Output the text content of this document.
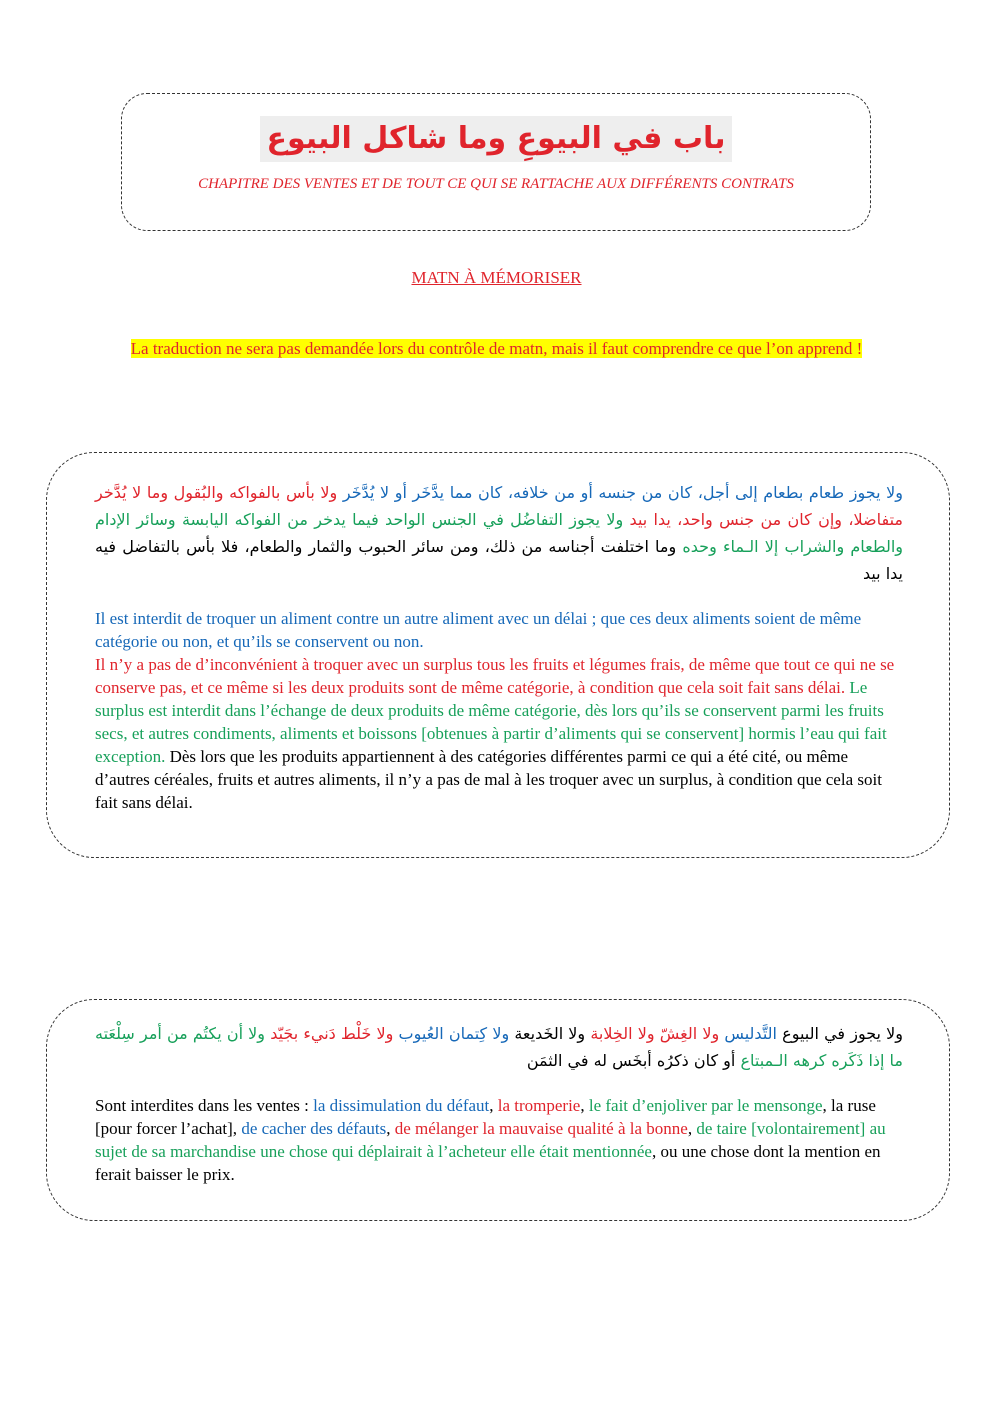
باب في البيوعِ وما شاكل البيوع
CHAPITRE DES VENTES ET DE TOUT CE QUI SE RATTACHE AUX DIFFÉRENTS CONTRATS
MATN À MÉMORISER
La traduction ne sera pas demandée lors du contrôle de matn, mais il faut comprendre ce que l’on apprend !

ولا يجوز طعام بطعام إلى أجل، كان من جنسه أو من خلافه، كان مما يدَّخَر أو لا يُدَّخَر ولا بأس بالفواكه والبُقول وما لا يُدَّخر متفاضلا، وإن كان من جنس واحد، يدا بيد ولا يجوز التفاضُل في الجنس الواحد فيما يدخر من الفواكه اليابسة وسائر الإدام والطعام والشراب إلا الـماء وحده وما اختلفت أجناسه من ذلك، ومن سائر الحبوب والثمار والطعام، فلا بأس بالتفاضل فيه يدا بيد

Il est interdit de troquer un aliment contre un autre aliment avec un délai ; que ces deux aliments soient de même catégorie ou non, et qu’ils se conservent ou non.

Il n’y a pas de d’inconvénient à troquer avec un surplus tous les fruits et légumes frais, de même que tout ce qui ne se conserve pas, et ce même si les deux produits sont de même catégorie, à condition que cela soit fait sans délai. Le surplus est interdit dans l’échange de deux produits de même catégorie, dès lors qu’ils se conservent parmi les fruits secs, et autres condiments, aliments et boissons [obtenues à partir d’aliments qui se conservent] hormis l’eau qui fait exception. Dès lors que les produits appartiennent à des catégories différentes parmi ce qui a été cité, ou même d’autres céréales, fruits et autres aliments, il n’y a pas de mal à les troquer avec un surplus, à condition que cela soit fait sans délai.

ولا يجوز في البيوع التَّدليس ولا الغِشّ ولا الخِلابة ولا الخَديعة ولا كِتمان العُيوب ولا خَلْط دَنيء بجَيّد ولا أن يكتُم من أمر سِلْعَته ما إذا ذَكَره كرهه الـمبتاع أو كان ذكرُه أبخَس له في الثمَن

Sont interdites dans les ventes : la dissimulation du défaut, la tromperie, le fait d’enjoliver par le mensonge, la ruse [pour forcer l’achat], de cacher des défauts, de mélanger la mauvaise qualité à la bonne, de taire [volontairement] au sujet de sa marchandise une chose qui déplairait à l’acheteur elle était mentionnée, ou une chose dont la mention en ferait baisser le prix.
